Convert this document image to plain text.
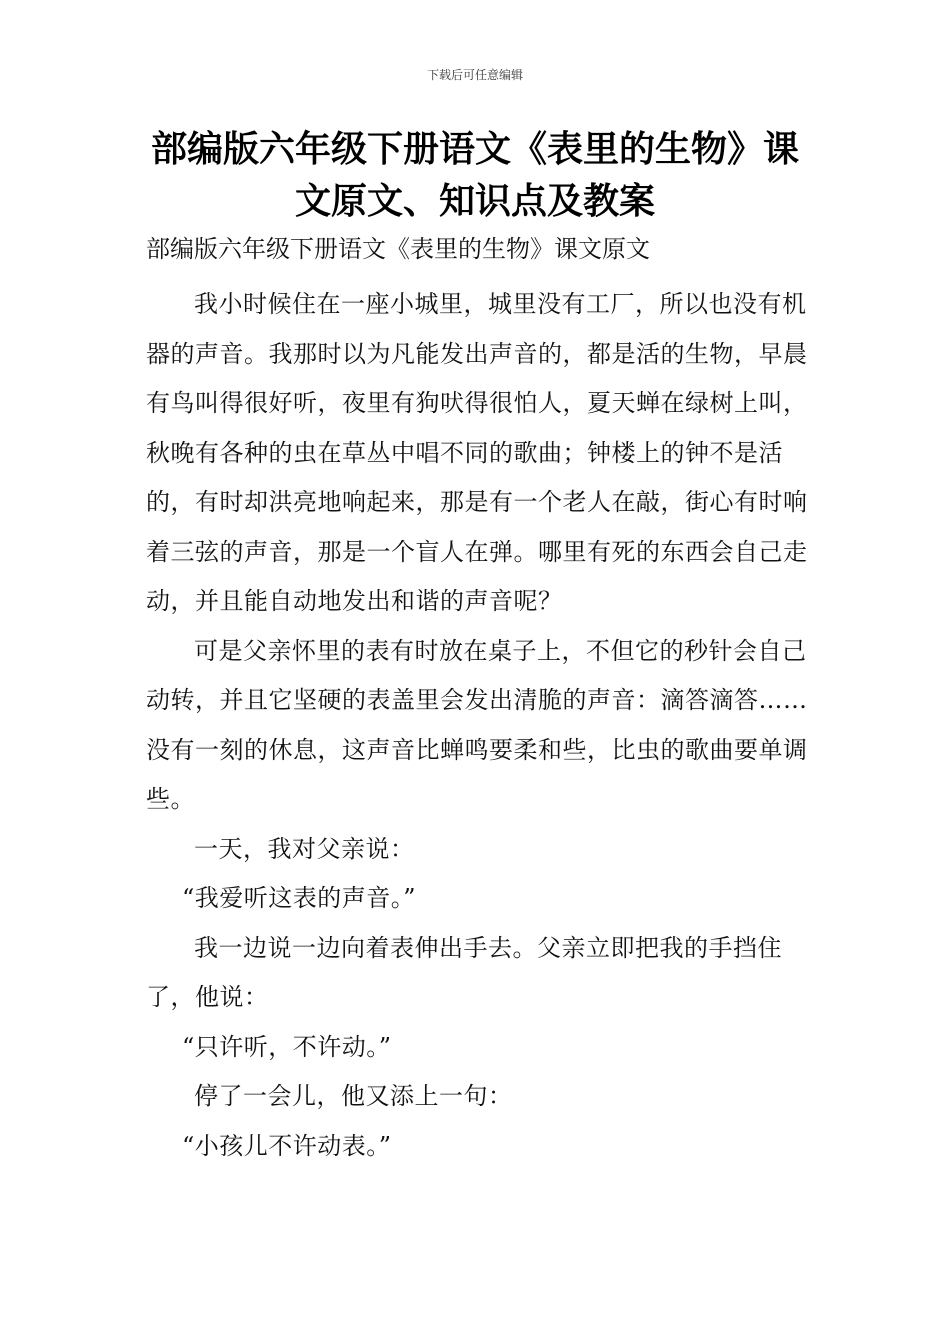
下载后可任意编辑
部编版六年级下册语文《表里的生物》课文原文、知识点及教案

部编版六年级下册语文《表里的生物》课文原文

我小时候住在一座小城里，城里没有工厂，所以也没有机器的声音。我那时以为凡能发出声音的，都是活的生物，早晨有鸟叫得很好听，夜里有狗吠得很怕人，夏天蝉在绿树上叫，秋晚有各种的虫在草丛中唱不同的歌曲；钟楼上的钟不是活的，有时却洪亮地响起来，那是有一个老人在敲，街心有时响着三弦的声音，那是一个盲人在弹。哪里有死的东西会自己走动，并且能自动地发出和谐的声音呢？

可是父亲怀里的表有时放在桌子上，不但它的秒针会自己动转，并且它坚硬的表盖里会发出清脆的声音：滴答滴答……没有一刻的休息，这声音比蝉鸣要柔和些，比虫的歌曲要单调些。

一天，我对父亲说：

“我爱听这表的声音。”

我一边说一边向着表伸出手去。父亲立即把我的手挡住了，他说：

“只许听，不许动。”

停了一会儿，他又添上一句：

“小孩儿不许动表。”
